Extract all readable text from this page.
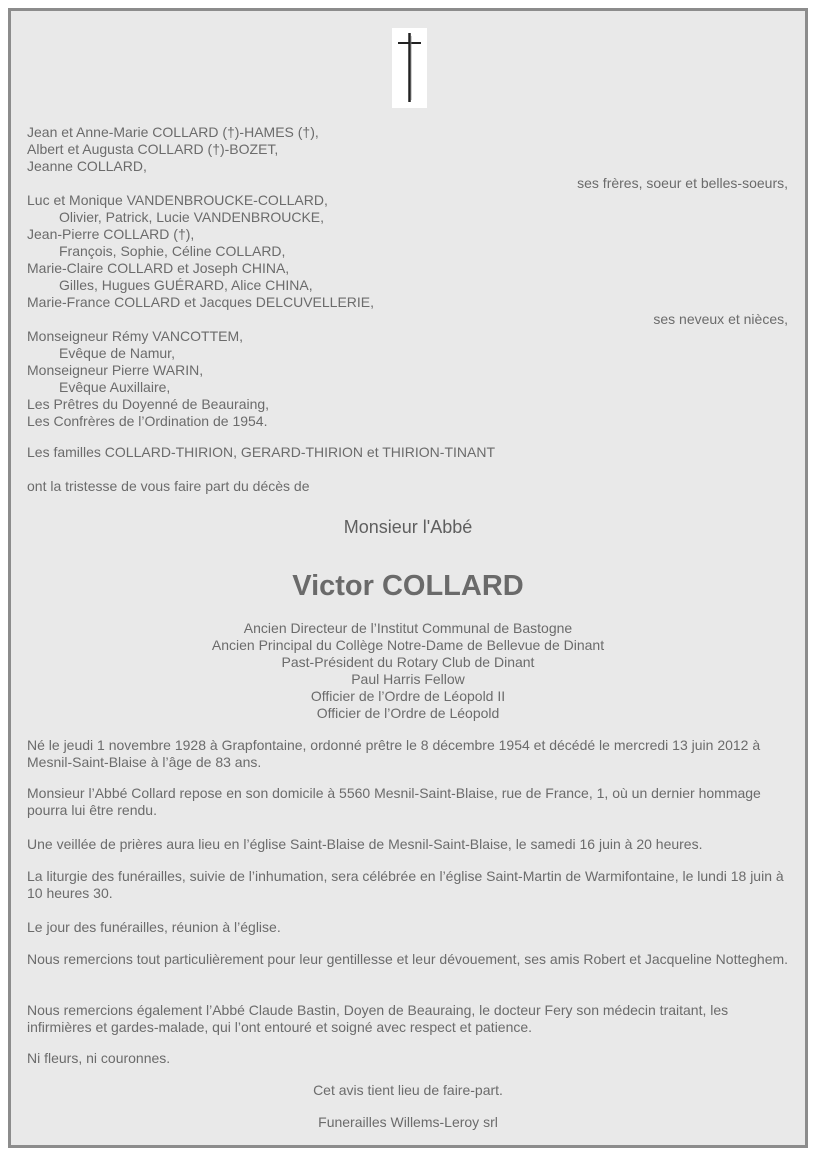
Jean et Anne-Marie COLLARD (†)-HAMES (†),
Albert et Augusta COLLARD (†)-BOZET,
Jeanne COLLARD,
ses frères, soeur et belles-soeurs,
Luc et Monique VANDENBROUCKE-COLLARD,
Olivier, Patrick, Lucie VANDENBROUCKE,
Jean-Pierre COLLARD (†),
François, Sophie, Céline COLLARD,
Marie-Claire COLLARD et Joseph CHINA,
Gilles, Hugues GUÉRARD, Alice CHINA,
Marie-France COLLARD et Jacques DELCUVELLERIE,
ses neveux et nièces,
Monseigneur Rémy VANCOTTEM,
Evêque de Namur,
Monseigneur Pierre WARIN,
Evêque Auxillaire,
Les Prêtres du Doyenné de Beauraing,
Les Confrères de l’Ordination de 1954.
Les familles COLLARD-THIRION, GERARD-THIRION et THIRION-TINANT
ont la tristesse de vous faire part du décès de
Monsieur l'Abbé
Victor COLLARD
Ancien Directeur de l’Institut Communal de Bastogne
Ancien Principal du Collège Notre-Dame de Bellevue de Dinant
Past-Président du Rotary Club de Dinant
Paul Harris Fellow
Officier de l’Ordre de Léopold II
Officier de l’Ordre de Léopold
Né le jeudi 1 novembre 1928 à Grapfontaine, ordonné prêtre le 8 décembre 1954 et décédé le mercredi 13 juin 2012 à Mesnil-Saint-Blaise à l’âge de 83 ans.
Monsieur l’Abbé Collard repose en son domicile à 5560 Mesnil-Saint-Blaise, rue de France, 1, où un dernier hommage pourra lui être rendu.
Une veillée de prières aura lieu en l’église Saint-Blaise de Mesnil-Saint-Blaise, le samedi 16 juin à 20 heures.
La liturgie des funérailles, suivie de l’inhumation, sera célébrée en l’église Saint-Martin de Warmifontaine, le lundi 18 juin à 10 heures 30.
Le jour des funérailles, réunion à l’église.
Nous remercions tout particulièrement pour leur gentillesse et leur dévouement, ses amis Robert et Jacqueline Notteghem.
Nous remercions également l’Abbé Claude Bastin, Doyen de Beauraing, le docteur Fery son médecin traitant, les infirmières et gardes-malade, qui l’ont entouré et soigné avec respect et patience.
Ni fleurs, ni couronnes.
Cet avis tient lieu de faire-part.
Funerailles Willems-Leroy srl
